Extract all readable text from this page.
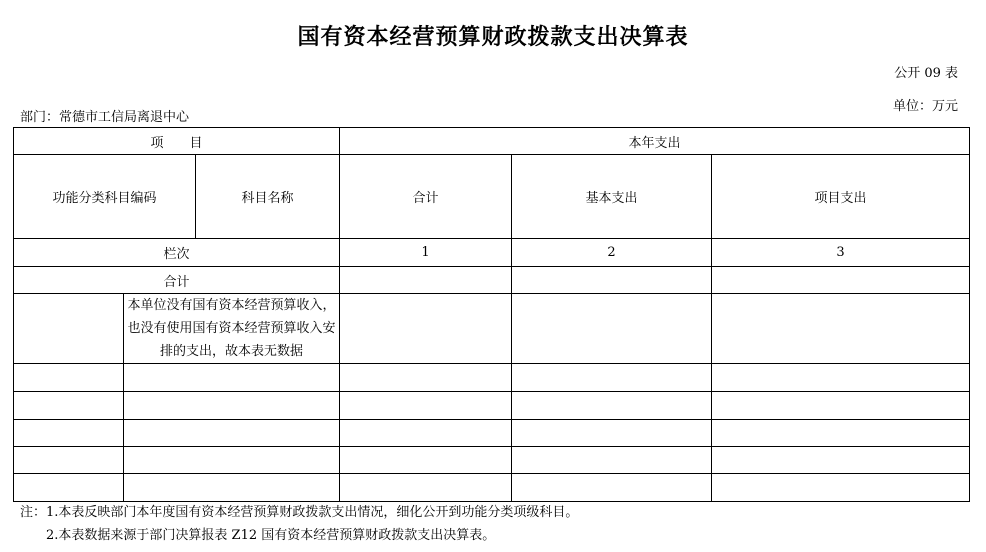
国有资本经营预算财政拨款支出决算表
公开 09 表
单位：万元
部门：常德市工信局离退中心
项　　目			本年支出		
功能分类科目编码		科目名称	合计	基本支出	项目支出
栏次			1	2	3
合计					
	本单位没有国有资本经营预算收入，也没有使用国有资本经营预算收入安排的支出，故本表无数据				

注：1.本表反映部门本年度国有资本经营预算财政拨款支出情况，细化公开到功能分类项级科目。
　　2.本表数据来源于部门决算报表 Z12 国有资本经营预算财政拨款支出决算表。
